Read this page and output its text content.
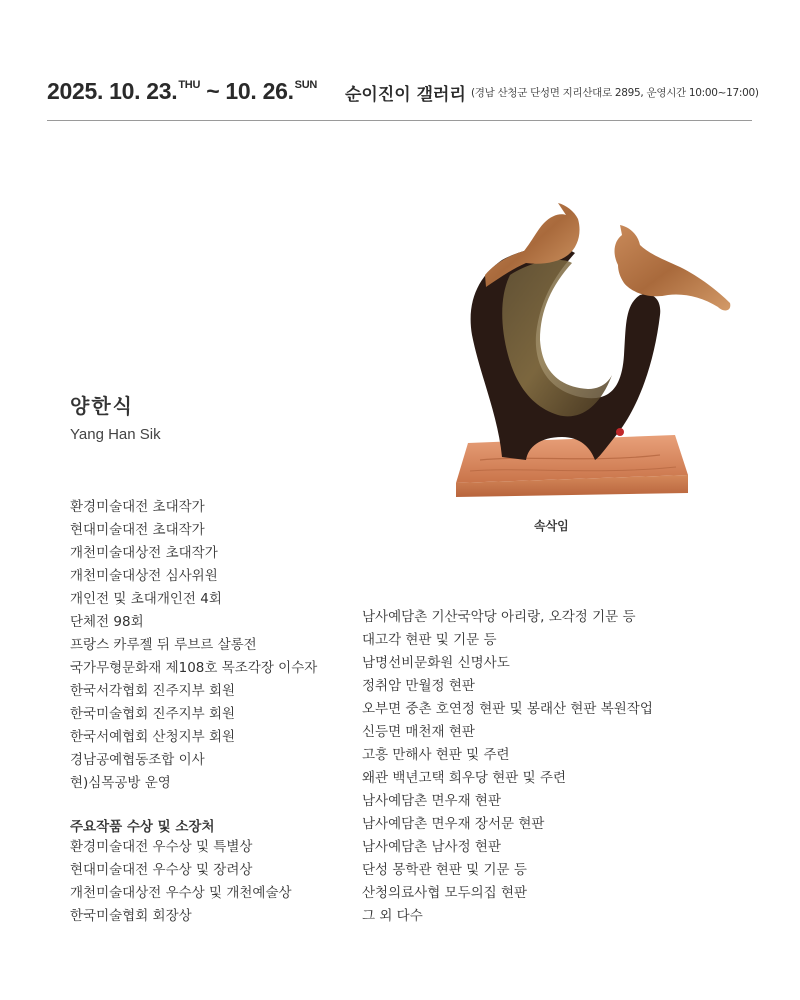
2025. 10. 23.$^{THU}$ ~ 10. 26.$^{SUN}$ 순이진이 갤러리 (경남 산청군 단성면 지리산대로 2895, 운영시간 10:00~17:00)
양한식
Yang Han Sik
환경미술대전 초대작가
현대미술대전 초대작가
개천미술대상전 초대작가
개천미술대상전 심사위원
개인전 및 초대개인전 4회
단체전 98회
프랑스 카루젤 뒤 루브르 살롱전
국가무형문화재 제108호 목조각장 이수자
한국서각협회 진주지부 회원
한국미술협회 진주지부 회원
한국서예협회 산청지부 회원
경남공예협동조합 이사
현)심목공방 운영
주요작품 수상 및 소장처
환경미술대전 우수상 및 특별상
현대미술대전 우수상 및 장려상
개천미술대상전 우수상 및 개천예술상
한국미술협회 회장상
남사예담촌 기산국악당 아리랑, 오각정 기문 등
대고각 현판 및 기문 등
남명선비문화원 신명사도
정취암 만월정 현판
오부면 중촌 호연정 현판 및 봉래산 현판 복원작업
신등면 매천재 현판
고흥 만해사 현판 및 주련
왜관 백년고택 희우당 현판 및 주련
남사예담촌 면우재 현판
남사예담촌 면우재 장서문 현판
남사예담촌 남사정 현판
단성 몽학관 현판 및 기문 등
산청의료사협 모두의집 현판
그 외 다수
속삭임
